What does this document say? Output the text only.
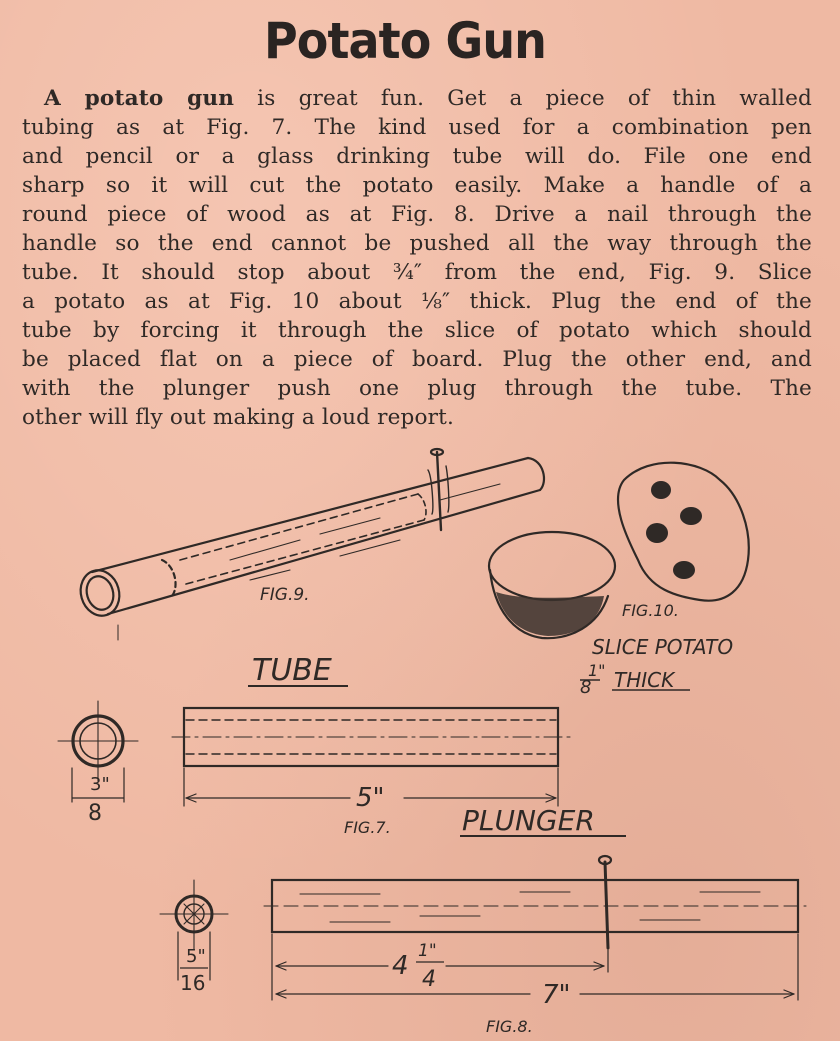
Potato Gun
A potato gun is great fun. Get a piece of thin walled
tubing as at Fig. 7. The kind used for a combination pen
and pencil or a glass drinking tube will do. File one end
sharp so it will cut the potato easily. Make a handle of a
round piece of wood as at Fig. 8. Drive a nail through the
handle so the end cannot be pushed all the way through the
tube. It should stop about ¾″ from the end, Fig. 9. Slice
a potato as at Fig. 10 about ⅛″ thick. Plug the end of the
tube by forcing it through the slice of potato which should
be placed flat on a piece of board. Plug the other end, and
with the plunger push one plug through the tube. The
other will fly out making a loud report.
FIG.9.
FIG.10.
SLICE POTATO
1"
8 THICK
TUBE
3"
8
5"
FIG.7.	PLUNGER
5"
16
4 1"
4
7"
FIG.8.
